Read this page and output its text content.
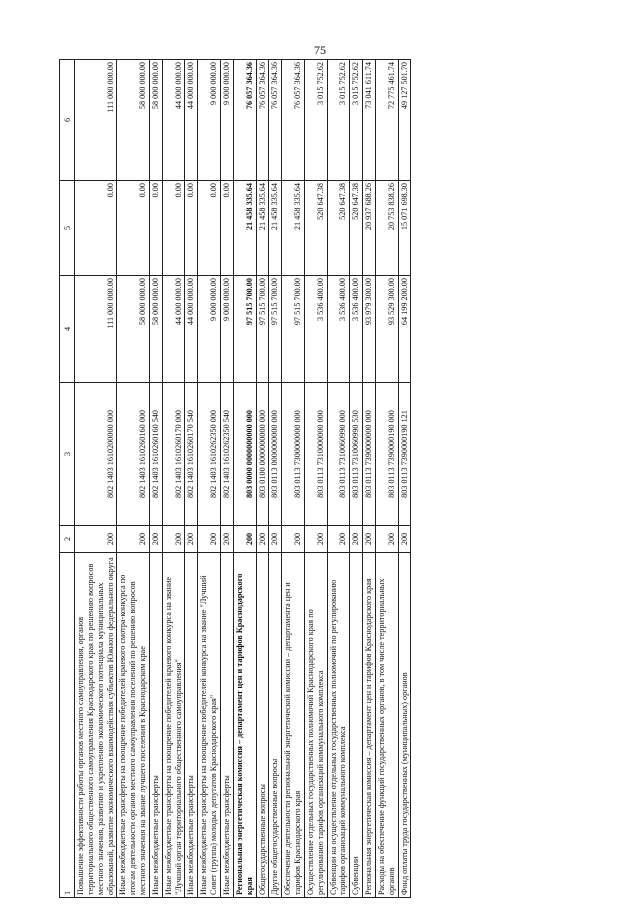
75
1	2	3	4	5	6
Повышение эффективности работы органов местного самоуправления, органов территориального общественного самоуправления Краснодарского края по решению вопросов местного значения, развитию и укреплению экономического потенциала муниципальных образований, развитие экономического взаимодействия субъектов Южного федерального округа	200	802 1403 1610200000 000	111 000 000.00	0.00	111 000 000.00
Иные межбюджетные трансферты на поощрение победителей краевого смотра-конкурса по итогам деятельности органов местного самоуправления поселений по решению вопросов местного значения на звание лучшего поселения в Краснодарском крае	200	802 1403 1610260160 000	58 000 000.00	0.00	58 000 000.00
Иные межбюджетные трансферты	200	802 1403 1610260160 540	58 000 000.00	0.00	58 000 000.00
Иные межбюджетные трансферты на поощрение победителей краевого конкурса на звание "Лучший орган территориального общественного самоуправления"	200	802 1403 1610260170 000	44 000 000.00	0.00	44 000 000.00
Иные межбюджетные трансферты	200	802 1403 1610260170 540	44 000 000.00	0.00	44 000 000.00
Иные межбюджетные трансферты на поощрение победителей конкурса на звание "Лучший Совет (группа) молодых депутатов Краснодарского края"	200	802 1403 1610262350 000	9 000 000.00	0.00	9 000 000.00
Иные межбюджетные трансферты	200	802 1403 1610262350 540	9 000 000.00	0.00	9 000 000.00
Региональная энергетическая комиссия – департамент цен и тарифов Краснодарского края	200	803 0000 0000000000 000	97 515 700.00	21 458 335.64	76 057 364.36
Общегосударственные вопросы	200	803 0100 0000000000 000	97 515 700.00	21 458 335.64	76 057 364.36
Другие общегосударственные вопросы	200	803 0113 0000000000 000	97 515 700.00	21 458 335.64	76 057 364.36
Обеспечение деятельности региональной энергетической комиссии – департамента цен и тарифов Краснодарского края	200	803 0113 7300000000 000	97 515 700.00	21 458 335.64	76 057 364.36
Осуществление отдельных государственных полномочий Краснодарского края по регулированию тарифов организаций коммунального комплекса	200	803 0113 7310000000 000	3 536 400.00	520 647.38	3 015 752.62
Субвенции на осуществление отдельных государственных полномочий по регулированию тарифов организаций коммунального комплекса	200	803 0113 7310060990 000	3 536 400.00	520 647.38	3 015 752.62
Субвенции	200	803 0113 7310060990 530	3 536 400.00	520 647.38	3 015 752.62
Региональная энергетическая комиссия – департамент цен и тарифов Краснодарского края	200	803 0113 7390000000 000	93 979 300.00	20 937 688.26	73 041 611.74
Расходы на обеспечение функций государственных органов, в том числе территориальных органов	200	803 0113 7390000190 000	93 529 300.00	20 753 838.26	72 775 461.74
Фонд оплаты труда государственных (муниципальных) органов	200	803 0113 7390000190 121	64 199 200.00	15 071 698.30	49 127 501.70
